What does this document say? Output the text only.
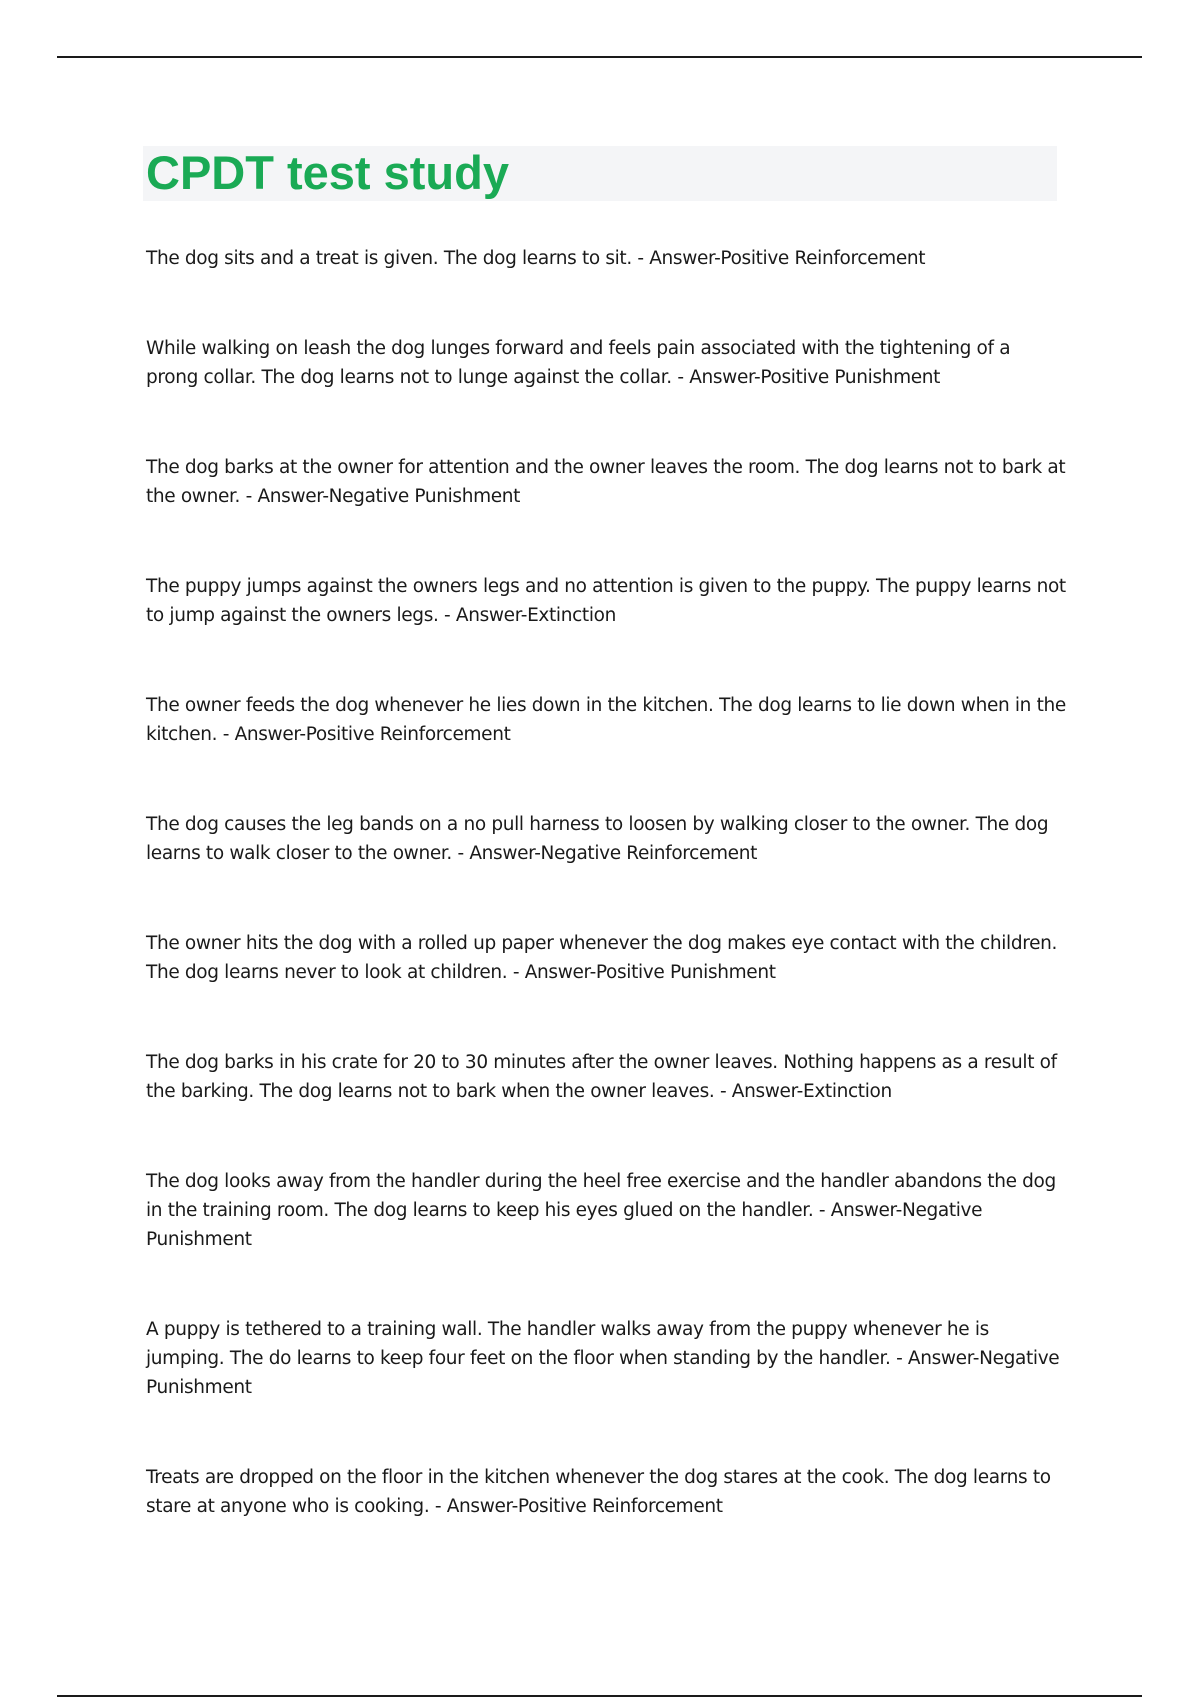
CPDT test study
The dog sits and a treat is given. The dog learns to sit. - Answer-Positive Reinforcement
While walking on leash the dog lunges forward and feels pain associated with the tightening of a prong collar. The dog learns not to lunge against the collar. - Answer-Positive Punishment
The dog barks at the owner for attention and the owner leaves the room. The dog learns not to bark at the owner. - Answer-Negative Punishment
The puppy jumps against the owners legs and no attention is given to the puppy. The puppy learns not to jump against the owners legs. - Answer-Extinction
The owner feeds the dog whenever he lies down in the kitchen. The dog learns to lie down when in the kitchen. - Answer-Positive Reinforcement
The dog causes the leg bands on a no pull harness to loosen by walking closer to the owner. The dog learns to walk closer to the owner. - Answer-Negative Reinforcement
The owner hits the dog with a rolled up paper whenever the dog makes eye contact with the children. The dog learns never to look at children. - Answer-Positive Punishment
The dog barks in his crate for 20 to 30 minutes after the owner leaves. Nothing happens as a result of the barking. The dog learns not to bark when the owner leaves. - Answer-Extinction
The dog looks away from the handler during the heel free exercise and the handler abandons the dog in the training room. The dog learns to keep his eyes glued on the handler. - Answer-Negative Punishment
A puppy is tethered to a training wall. The handler walks away from the puppy whenever he is jumping. The do learns to keep four feet on the floor when standing by the handler. - Answer-Negative Punishment
Treats are dropped on the floor in the kitchen whenever the dog stares at the cook. The dog learns to stare at anyone who is cooking. - Answer-Positive Reinforcement
